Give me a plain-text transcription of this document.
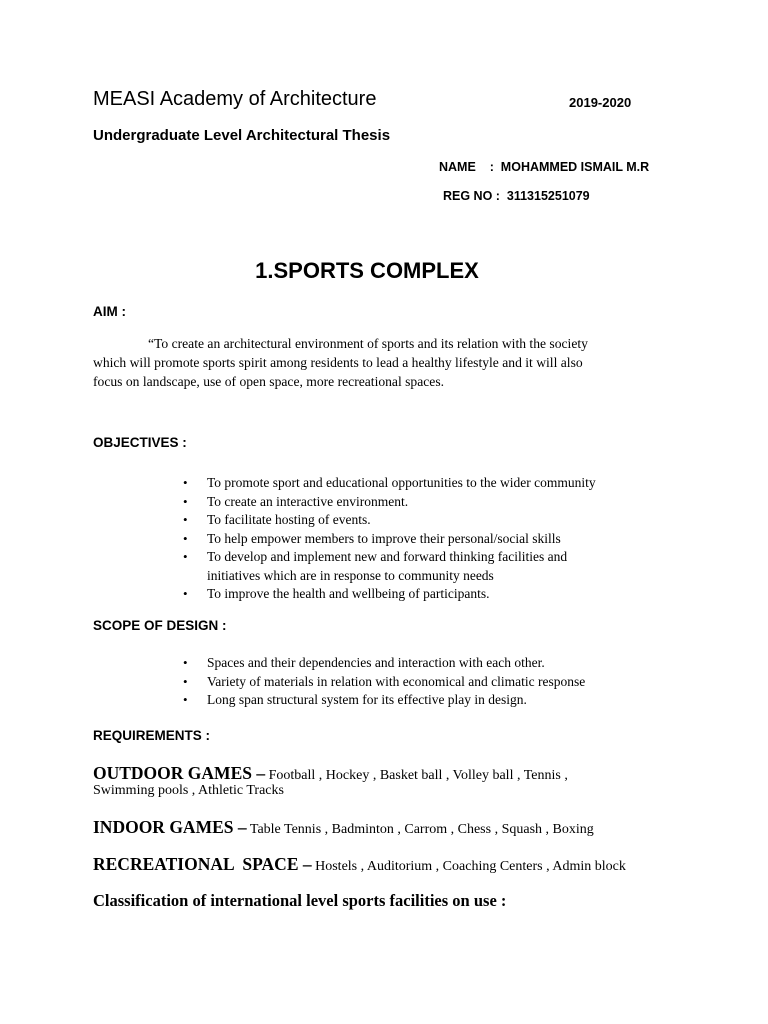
MEASI Academy of Architecture	2019-2020
Undergraduate Level Architectural Thesis
NAME    :  MOHAMMED ISMAIL M.R
REG NO :  311315251079
1.SPORTS COMPLEX
AIM :

“To create an architectural environment of sports and its relation with the society

which will promote sports spirit among residents to lead a healthy lifestyle and it will also

focus on landscape, use of open space, more recreational spaces.

OBJECTIVES :
• To promote sport and educational opportunities to the wider community
• To create an interactive environment.
• To facilitate hosting of events.
• To help empower members to improve their personal/social skills
• To develop and implement new and forward thinking facilities and
initiatives which are in response to community needs
• To improve the health and wellbeing of participants.
SCOPE OF DESIGN :
• Spaces and their dependencies and interaction with each other.
• Variety of materials in relation with economical and climatic response
• Long span structural system for its effective play in design.
REQUIREMENTS :
OUTDOOR GAMES – Football , Hockey , Basket ball , Volley ball , Tennis ,
Swimming pools , Athletic Tracks
INDOOR GAMES – Table Tennis , Badminton , Carrom , Chess , Squash , Boxing
RECREATIONAL  SPACE – Hostels , Auditorium , Coaching Centers , Admin block
Classification of international level sports facilities on use :
